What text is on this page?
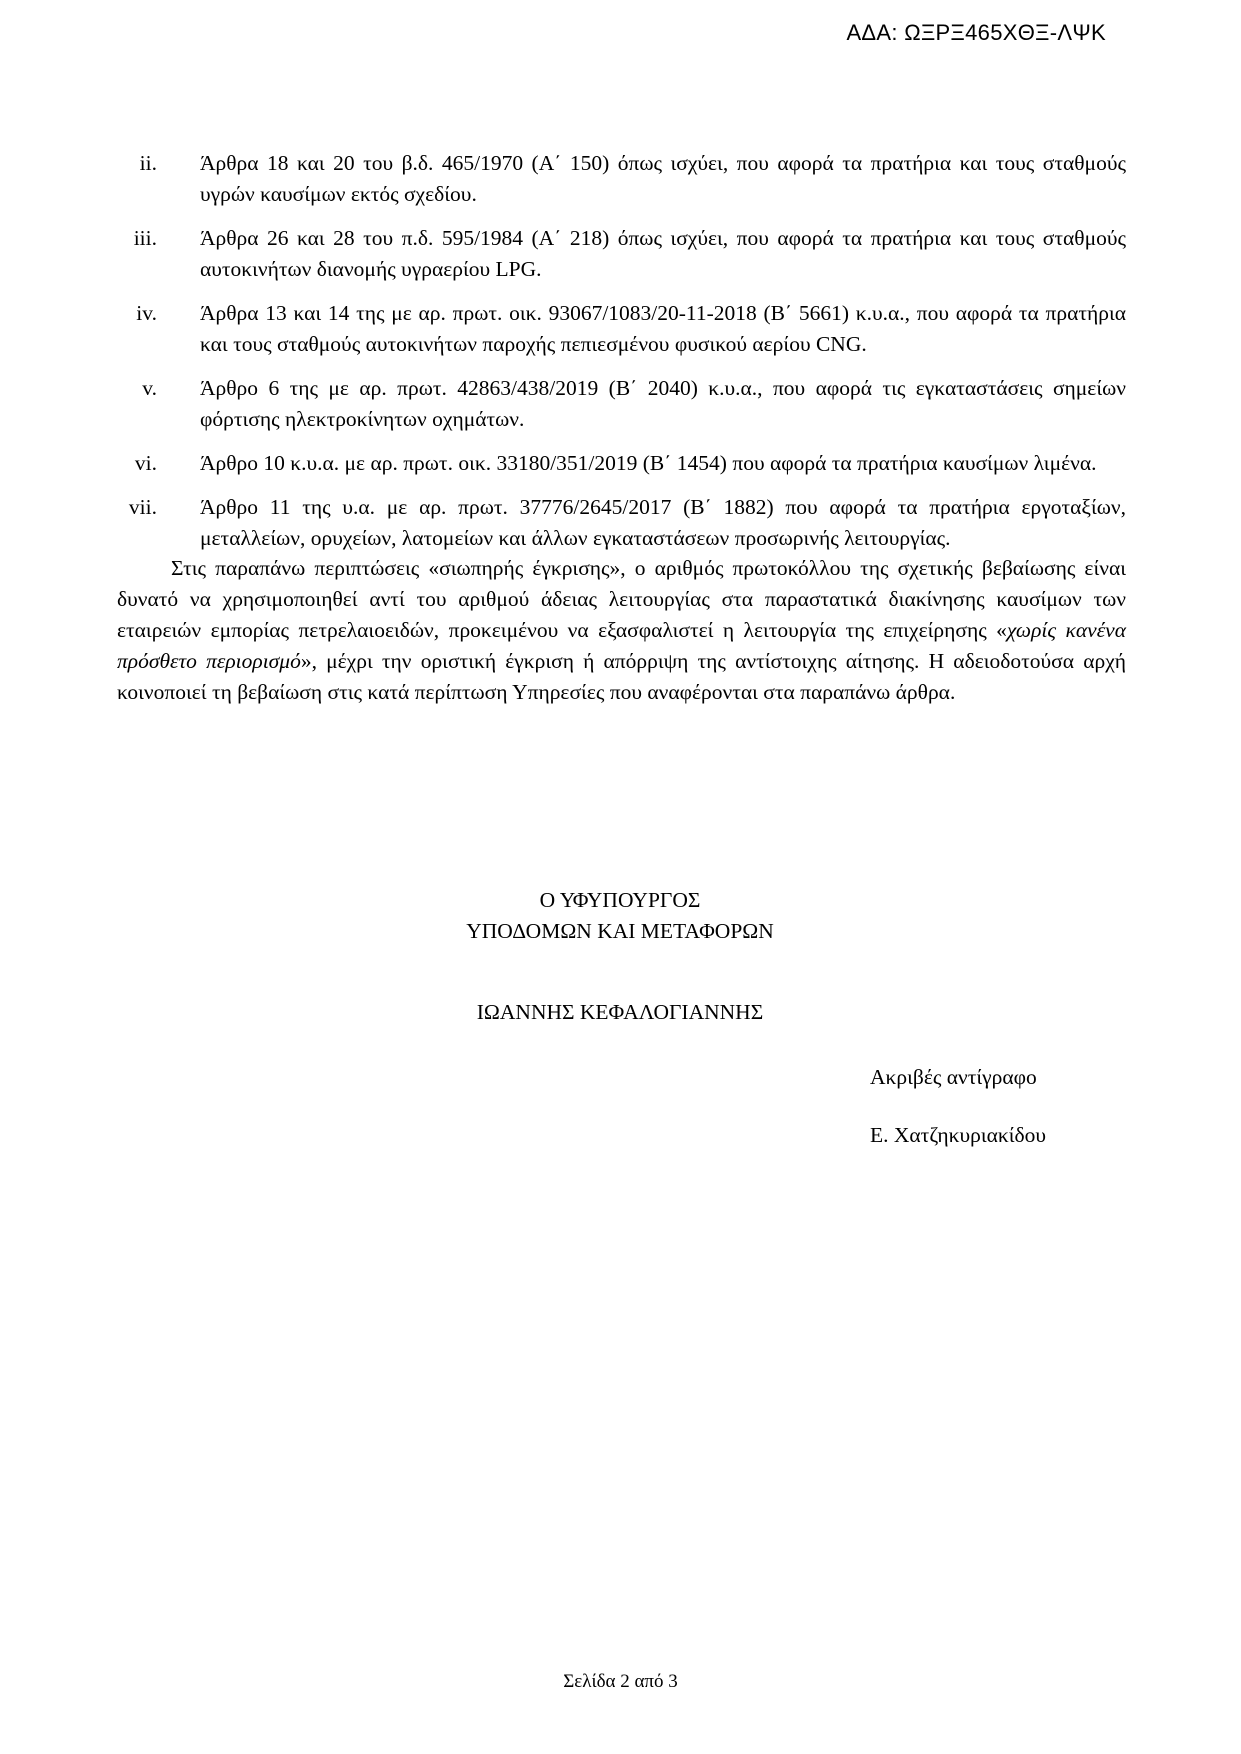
ΑΔΑ: ΩΞΡΞ465ΧΘΞ-ΛΨΚ
ii. Άρθρα 18 και 20 του β.δ. 465/1970 (Α΄ 150) όπως ισχύει, που αφορά τα πρατήρια και τους σταθμούς υγρών καυσίμων εκτός σχεδίου.
iii. Άρθρα 26 και 28 του π.δ. 595/1984 (Α΄ 218) όπως ισχύει, που αφορά τα πρατήρια και τους σταθμούς αυτοκινήτων διανομής υγραερίου LPG.
iv. Άρθρα 13 και 14 της με αρ. πρωτ. οικ. 93067/1083/20-11-2018 (Β΄ 5661) κ.υ.α., που αφορά τα πρατήρια και τους σταθμούς αυτοκινήτων παροχής πεπιεσμένου φυσικού αερίου CNG.
v. Άρθρο 6 της με αρ. πρωτ. 42863/438/2019 (Β΄ 2040) κ.υ.α., που αφορά τις εγκαταστάσεις σημείων φόρτισης ηλεκτροκίνητων οχημάτων.
vi. Άρθρο 10 κ.υ.α. με αρ. πρωτ. οικ. 33180/351/2019 (Β΄ 1454) που αφορά τα πρατήρια καυσίμων λιμένα.
vii. Άρθρο 11 της υ.α. με αρ. πρωτ. 37776/2645/2017 (Β΄ 1882) που αφορά τα πρατήρια εργοταξίων, μεταλλείων, ορυχείων, λατομείων και άλλων εγκαταστάσεων προσωρινής λειτουργίας.

Στις παραπάνω περιπτώσεις «σιωπηρής έγκρισης», ο αριθμός πρωτοκόλλου της σχετικής βεβαίωσης είναι δυνατό να χρησιμοποιηθεί αντί του αριθμού άδειας λειτουργίας στα παραστατικά διακίνησης καυσίμων των εταιρειών εμπορίας πετρελαιοειδών, προκειμένου να εξασφαλιστεί η λειτουργία της επιχείρησης «χωρίς κανένα πρόσθετο περιορισμό», μέχρι την οριστική έγκριση ή απόρριψη της αντίστοιχης αίτησης. Η αδειοδοτούσα αρχή κοινοποιεί τη βεβαίωση στις κατά περίπτωση Υπηρεσίες που αναφέρονται στα παραπάνω άρθρα.

Ο ΥΦΥΠΟΥΡΓΟΣ
ΥΠΟΔΟΜΩΝ ΚΑΙ ΜΕΤΑΦΟΡΩΝ
ΙΩΑΝΝΗΣ ΚΕΦΑΛΟΓΙΑΝΝΗΣ
Ακριβές αντίγραφο
Ε. Χατζηκυριακίδου
Σελίδα 2 από 3
